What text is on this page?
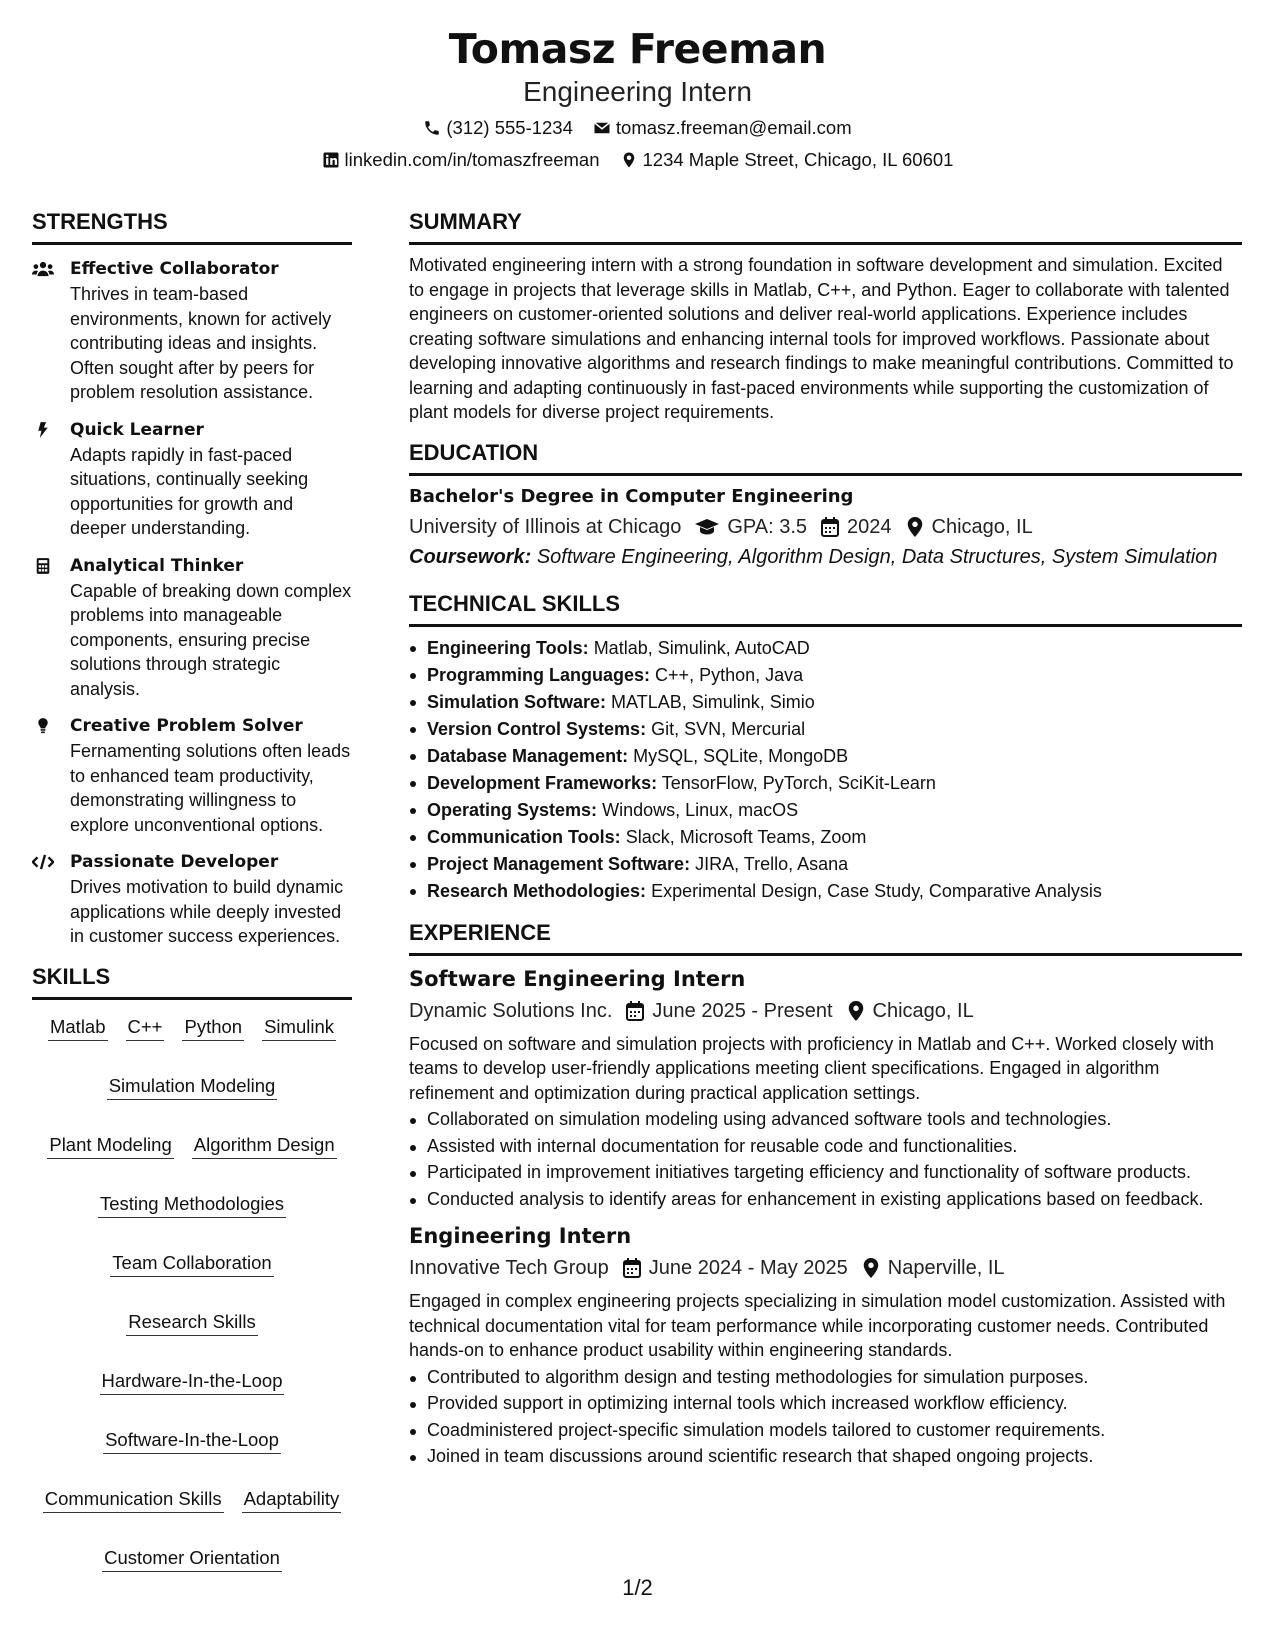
Tomasz Freeman
Engineering Intern
(312) 555-1234 tomasz.freeman@email.com
linkedin.com/in/tomaszfreeman 1234 Maple Street, Chicago, IL 60601
STRENGTHS
Effective Collaborator
Thrives in team-based environments, known for actively contributing ideas and insights. Often sought after by peers for problem resolution assistance.
Quick Learner
Adapts rapidly in fast-paced situations, continually seeking opportunities for growth and deeper understanding.
Analytical Thinker
Capable of breaking down complex problems into manageable components, ensuring precise solutions through strategic analysis.
Creative Problem Solver
Fernamenting solutions often leads to enhanced team productivity, demonstrating willingness to explore unconventional options.
Passionate Developer
Drives motivation to build dynamic applications while deeply invested in customer success experiences.
SKILLS
Matlab C++ Python Simulink
Simulation Modeling
Plant Modeling Algorithm Design
Testing Methodologies
Team Collaboration
Research Skills
Hardware-In-the-Loop
Software-In-the-Loop
Communication Skills Adaptability
Customer Orientation
SUMMARY
Motivated engineering intern with a strong foundation in software development and simulation. Excited to engage in projects that leverage skills in Matlab, C++, and Python. Eager to collaborate with talented engineers on customer-oriented solutions and deliver real-world applications. Experience includes creating software simulations and enhancing internal tools for improved workflows. Passionate about developing innovative algorithms and research findings to make meaningful contributions. Committed to learning and adapting continuously in fast-paced environments while supporting the customization of plant models for diverse project requirements.
EDUCATION
Bachelor's Degree in Computer Engineering
University of Illinois at Chicago GPA: 3.5 2024 Chicago, IL
Coursework: Software Engineering, Algorithm Design, Data Structures, System Simulation
TECHNICAL SKILLS
Engineering Tools: Matlab, Simulink, AutoCAD
Programming Languages: C++, Python, Java
Simulation Software: MATLAB, Simulink, Simio
Version Control Systems: Git, SVN, Mercurial
Database Management: MySQL, SQLite, MongoDB
Development Frameworks: TensorFlow, PyTorch, SciKit-Learn
Operating Systems: Windows, Linux, macOS
Communication Tools: Slack, Microsoft Teams, Zoom
Project Management Software: JIRA, Trello, Asana
Research Methodologies: Experimental Design, Case Study, Comparative Analysis
EXPERIENCE
Software Engineering Intern
Dynamic Solutions Inc. June 2025 - Present Chicago, IL
Focused on software and simulation projects with proficiency in Matlab and C++. Worked closely with teams to develop user-friendly applications meeting client specifications. Engaged in algorithm refinement and optimization during practical application settings.
Collaborated on simulation modeling using advanced software tools and technologies.
Assisted with internal documentation for reusable code and functionalities.
Participated in improvement initiatives targeting efficiency and functionality of software products.
Conducted analysis to identify areas for enhancement in existing applications based on feedback.
Engineering Intern
Innovative Tech Group June 2024 - May 2025 Naperville, IL
Engaged in complex engineering projects specializing in simulation model customization. Assisted with technical documentation vital for team performance while incorporating customer needs. Contributed hands-on to enhance product usability within engineering standards.
Contributed to algorithm design and testing methodologies for simulation purposes.
Provided support in optimizing internal tools which increased workflow efficiency.
Coadministered project-specific simulation models tailored to customer requirements.
Joined in team discussions around scientific research that shaped ongoing projects.
1/2
